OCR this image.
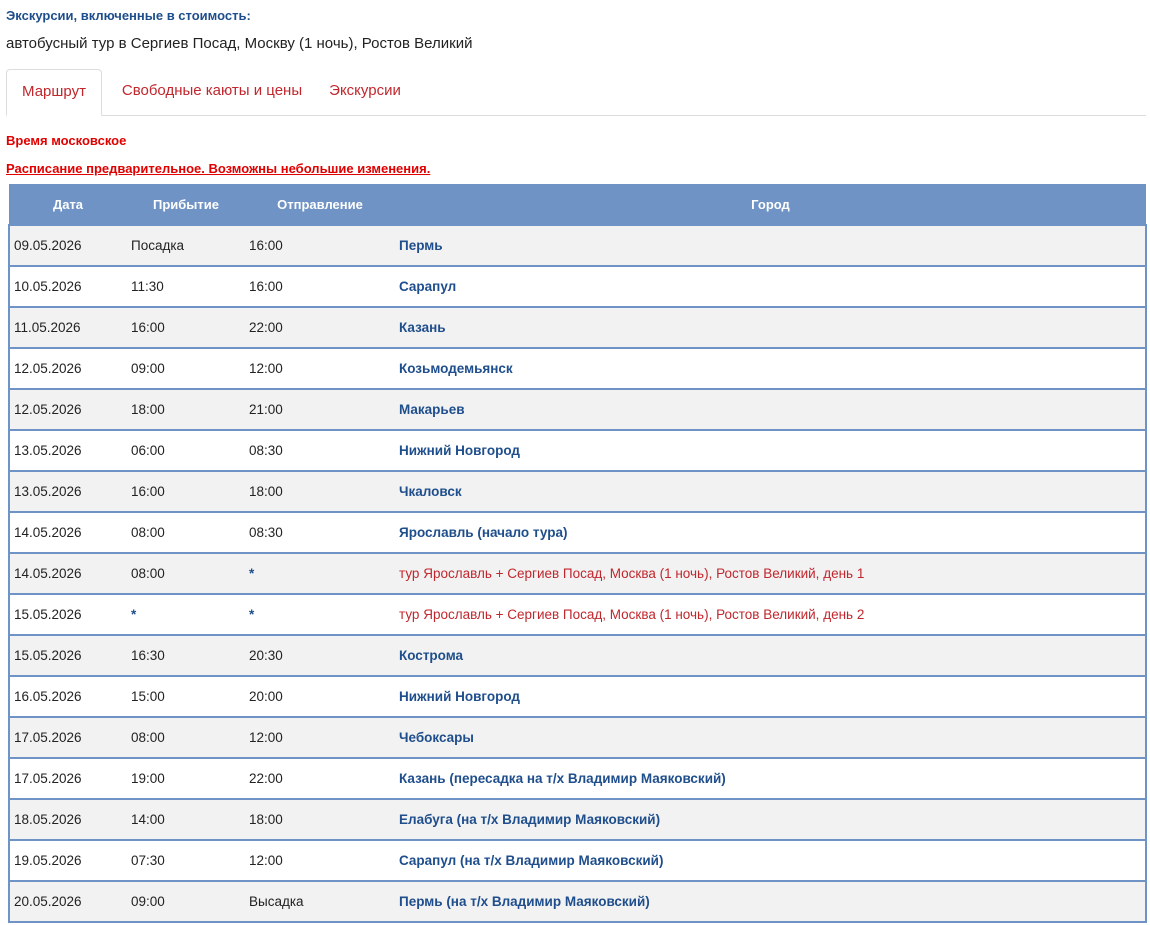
Экскурсии, включенные в стоимость:
автобусный тур в Сергиев Посад, Москву (1 ночь), Ростов Великий
Маршрут	Свободные каюты и цены	Экскурсии
Время московское
Расписание предварительное. Возможны небольшие изменения.
Дата	Прибытие	Отправление	Город
09.05.2026	Посадка	16:00	Пермь
10.05.2026	11:30	16:00	Сарапул
11.05.2026	16:00	22:00	Казань
12.05.2026	09:00	12:00	Козьмодемьянск
12.05.2026	18:00	21:00	Макарьев
13.05.2026	06:00	08:30	Нижний Новгород
13.05.2026	16:00	18:00	Чкаловск
14.05.2026	08:00	08:30	Ярославль (начало тура)
14.05.2026	08:00	*	тур Ярославль + Сергиев Посад, Москва (1 ночь), Ростов Великий, день 1
15.05.2026	*	*	тур Ярославль + Сергиев Посад, Москва (1 ночь), Ростов Великий, день 2
15.05.2026	16:30	20:30	Кострома
16.05.2026	15:00	20:00	Нижний Новгород
17.05.2026	08:00	12:00	Чебоксары
17.05.2026	19:00	22:00	Казань (пересадка на т/х Владимир Маяковский)
18.05.2026	14:00	18:00	Елабуга (на т/х Владимир Маяковский)
19.05.2026	07:30	12:00	Сарапул (на т/х Владимир Маяковский)
20.05.2026	09:00	Высадка	Пермь (на т/х Владимир Маяковский)
